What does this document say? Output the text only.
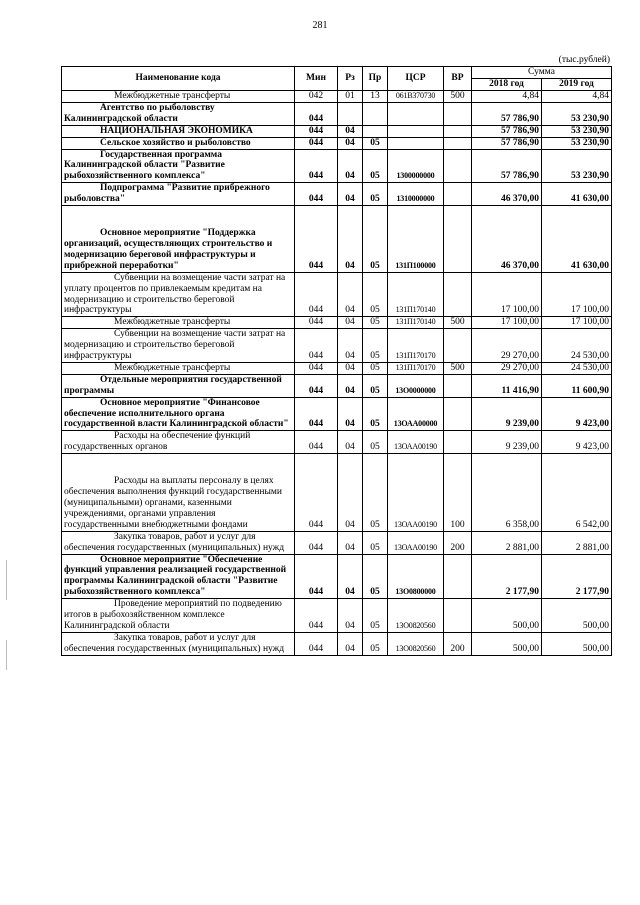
281
(тыс.рублей)
Наименование кода	Мин	Рз	Пр	ЦСР	ВР	Сумма	
						2018 год	2019 год
Межбюджетные трансферты	042	01	13	061В370730	500	4,84	4,84
Агентство по рыболовству Калининградской области	044					57 786,90	53 230,90
НАЦИОНАЛЬНАЯ ЭКОНОМИКА	044	04				57 786,90	53 230,90
Сельское хозяйство и рыболовство	044	04	05			57 786,90	53 230,90
Государственная программа Калининградской области "Развитие рыбохозяйственного комплекса"	044	04	05	1300000000		57 786,90	53 230,90
Подпрограмма "Развитие прибрежного рыболовства"	044	04	05	1310000000		46 370,00	41 630,00
Основное мероприятие "Поддержка организаций, осуществляющих строительство и модернизацию береговой инфраструктуры и прибрежной переработки"	044	04	05	131П100000		46 370,00	41 630,00
Субвенции на возмещение части затрат на уплату процентов по привлекаемым кредитам на модернизацию и строительство береговой инфраструктуры	044	04	05	131П170140		17 100,00	17 100,00
Межбюджетные трансферты	044	04	05	131П170140	500	17 100,00	17 100,00
Субвенции на возмещение части затрат на модернизацию и строительство береговой инфраструктуры	044	04	05	131П170170		29 270,00	24 530,00
Межбюджетные трансферты	044	04	05	131П170170	500	29 270,00	24 530,00
Отдельные мероприятия государственной программы	044	04	05	13О0000000		11 416,90	11 600,90
Основное мероприятие "Финансовое обеспечение исполнительного органа государственной власти Калининградской области"	044	04	05	13ОАА00000		9 239,00	9 423,00
Расходы на обеспечение функций государственных органов	044	04	05	13ОАА00190		9 239,00	9 423,00
Расходы на выплаты персоналу в целях обеспечения выполнения функций государственными (муниципальными) органами, казенными учреждениями, органами управления государственными внебюджетными фондами	044	04	05	13ОАА00190	100	6 358,00	6 542,00
Закупка товаров, работ и услуг для обеспечения государственных (муниципальных) нужд	044	04	05	13ОАА00190	200	2 881,00	2 881,00
Основное мероприятие "Обеспечение функций управления реализацией государственной программы Калининградской области "Развитие рыбохозяйственного комплекса"	044	04	05	13О0800000		2 177,90	2 177,90
Проведение мероприятий по подведению итогов в рыбохозяйственном комплексе Калининградской области	044	04	05	13О0820560		500,00	500,00
Закупка товаров, работ и услуг для обеспечения государственных (муниципальных) нужд	044	04	05	13О0820560	200	500,00	500,00
